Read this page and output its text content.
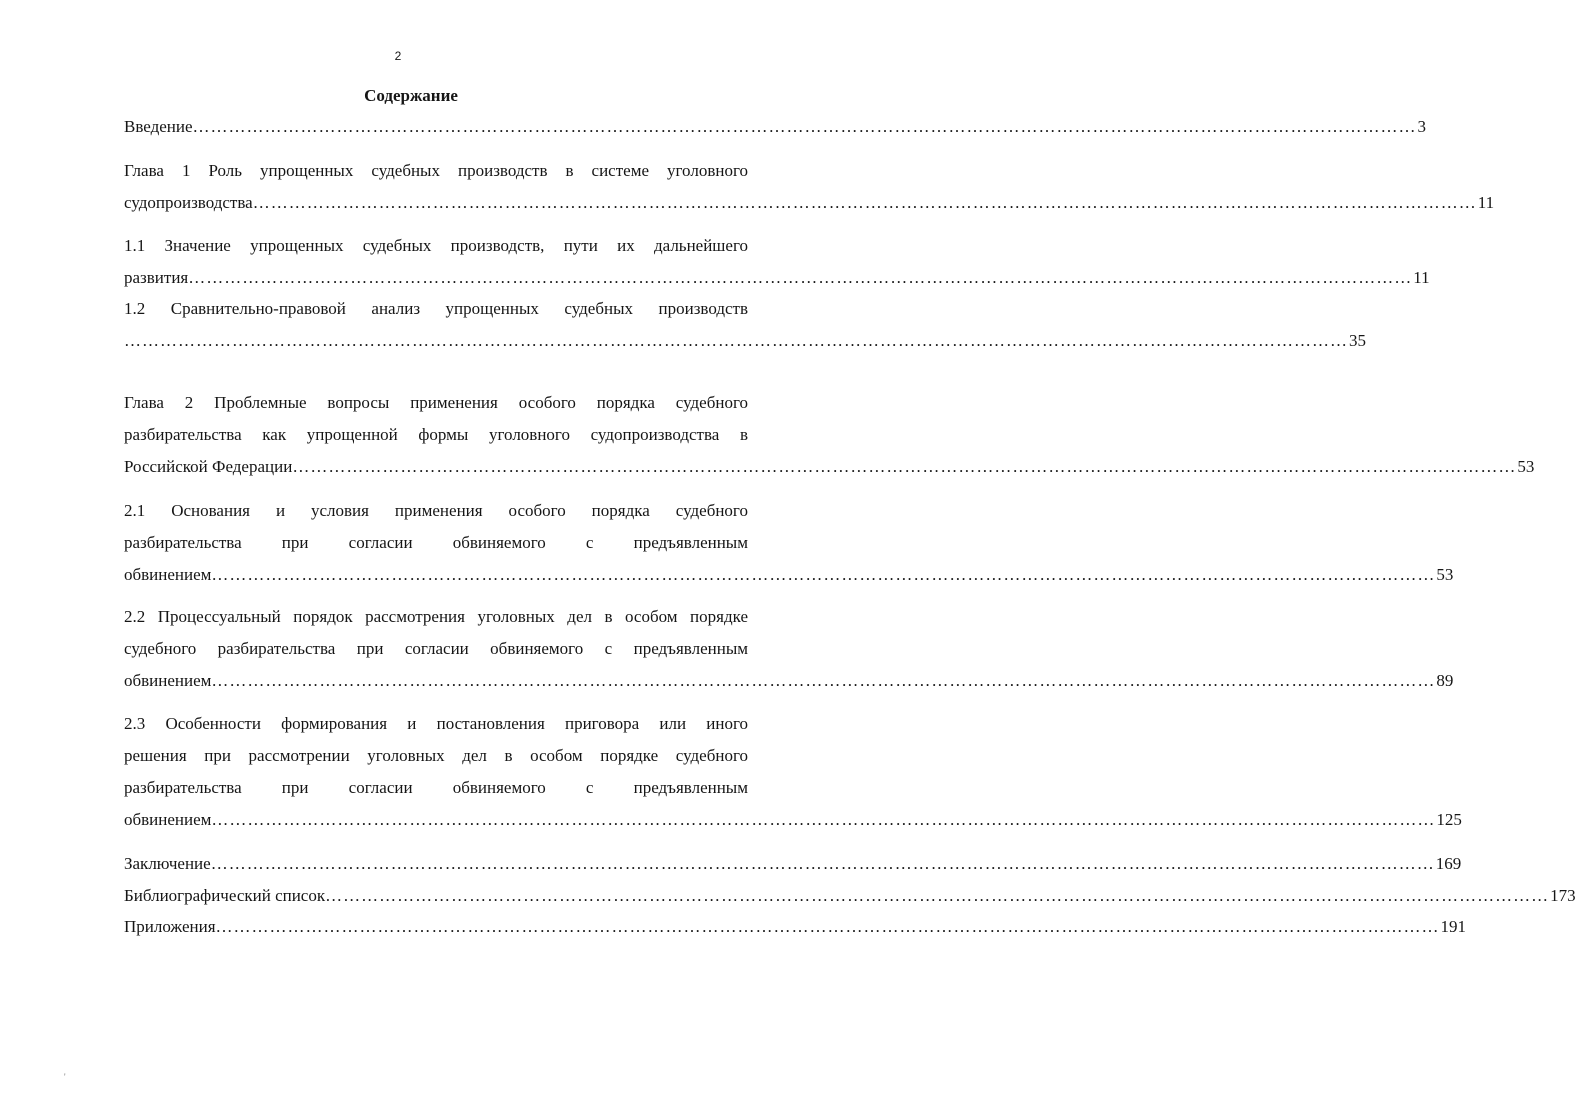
2
Содержание
Введение …………………………………………………………………………………………………………………………………………………………………………………… 3
Глава 1 Роль упрощенных судебных производств в системе уголовного
судопроизводства …………………………………………………………………………………………………………………………………………………………………………………… 11
1.1 Значение упрощенных судебных производств, пути их дальнейшего
развития …………………………………………………………………………………………………………………………………………………………………………………… 11
1.2 Сравнительно-правовой анализ упрощенных судебных производств
…………………………………………………………………………………………………………………………………………………………………………………… 35
Глава 2 Проблемные вопросы применения особого порядка судебного
разбирательства как упрощенной формы уголовного судопроизводства в
Российской Федерации …………………………………………………………………………………………………………………………………………………………………………………… 53
2.1 Основания и условия применения особого порядка судебного
разбирательства при согласии обвиняемого с предъявленным
обвинением …………………………………………………………………………………………………………………………………………………………………………………… 53
2.2 Процессуальный порядок рассмотрения уголовных дел в особом порядке
судебного разбирательства при согласии обвиняемого с предъявленным
обвинением …………………………………………………………………………………………………………………………………………………………………………………… 89
2.3 Особенности формирования и постановления приговора или иного
решения при рассмотрении уголовных дел в особом порядке судебного
разбирательства при согласии обвиняемого с предъявленным
обвинением …………………………………………………………………………………………………………………………………………………………………………………… 125
Заключение …………………………………………………………………………………………………………………………………………………………………………………… 169
Библиографический список …………………………………………………………………………………………………………………………………………………………………………………… 173
Приложения …………………………………………………………………………………………………………………………………………………………………………………… 191
'
